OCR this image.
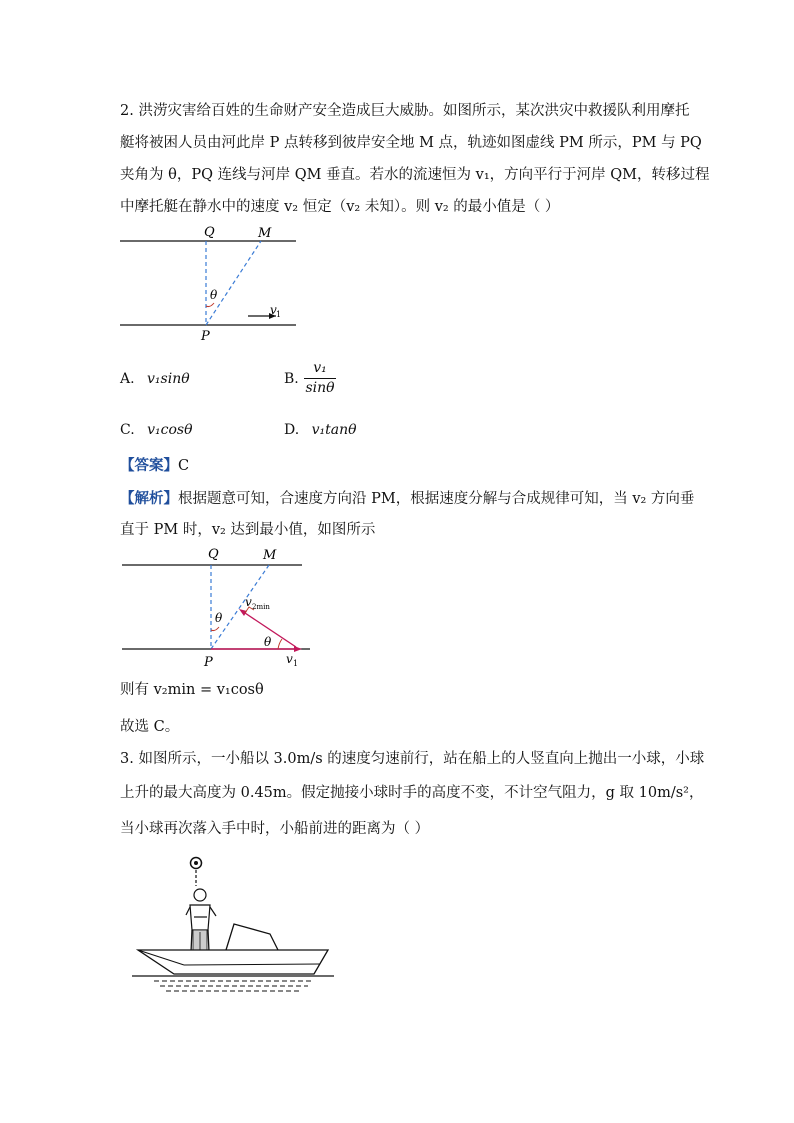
2. 洪涝灾害给百姓的生命财产安全造成巨大威胁。如图所示，某次洪灾中救援队利用摩托
艇将被困人员由河此岸 P 点转移到彼岸安全地 M 点，轨迹如图虚线 PM 所示，PM 与 PQ
夹角为 θ，PQ 连线与河岸 QM 垂直。若水的流速恒为 v₁，方向平行于河岸 QM，转移过程
中摩托艇在静水中的速度 v₂ 恒定（v₂ 未知）。则 v₂ 的最小值是（ ）
Q	M
P
θ
v 1
A. v₁sinθ	B.
v₁
sinθ
C. v₁cosθ	D. v₁tanθ
【答案】C
【解析】根据题意可知，合速度方向沿 PM，根据速度分解与合成规律可知，当 v₂ 方向垂
直于 PM 时，v₂ 达到最小值，如图所示
Q	M
P
θ
θ
v 2min
v 1
则有 v₂min = v₁cosθ
故选 C。
3. 如图所示，一小船以 3.0m/s 的速度匀速前行，站在船上的人竖直向上抛出一小球，小球
上升的最大高度为 0.45m。假定抛接小球时手的高度不变，不计空气阻力，g 取 10m/s²，
当小球再次落入手中时，小船前进的距离为（ ）
